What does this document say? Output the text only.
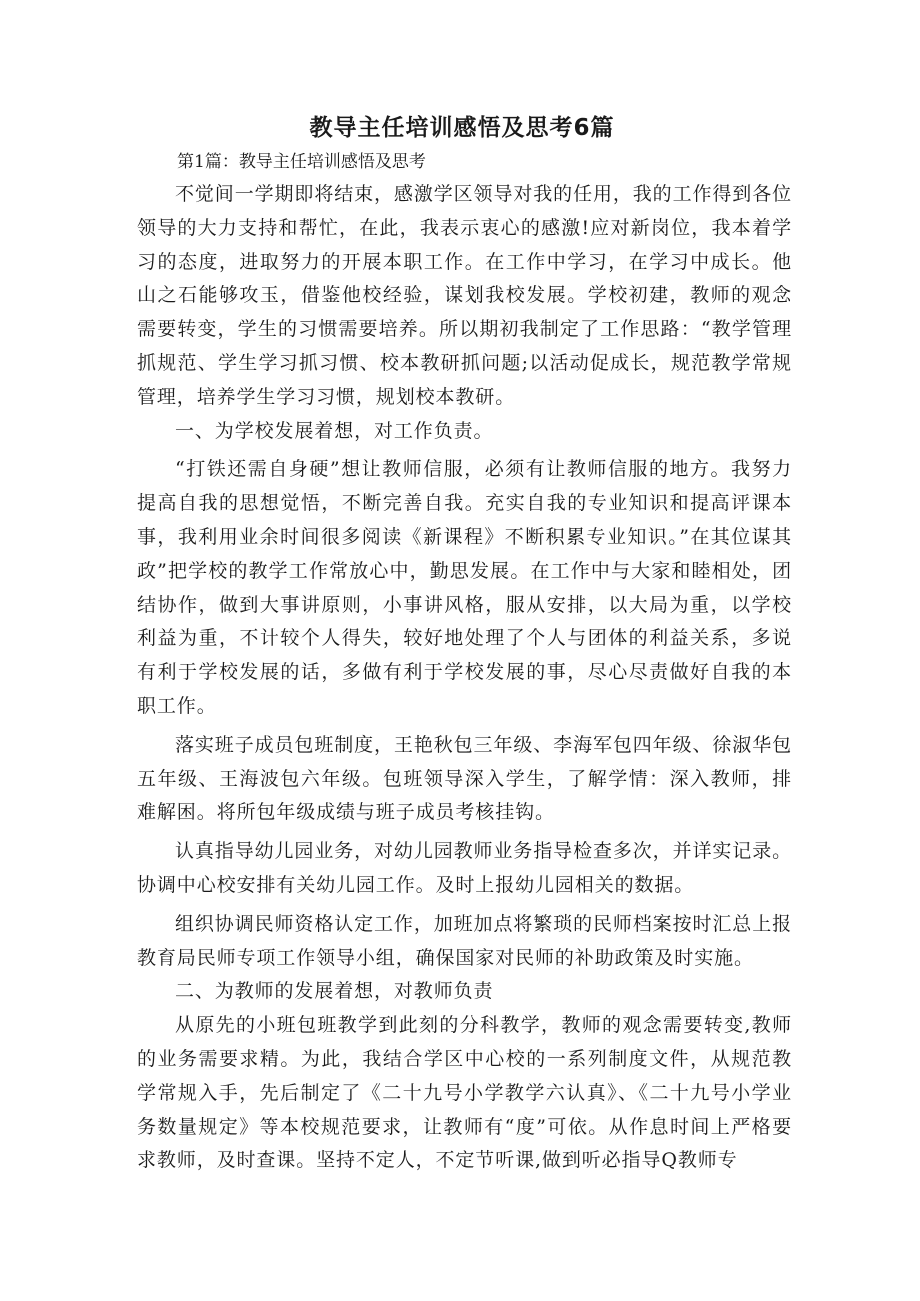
教导主任培训感悟及思考6篇

第1篇：教导主任培训感悟及思考

不觉间一学期即将结束，感激学区领导对我的任用，我的工作得到各位领导的大力支持和帮忙，在此，我表示衷心的感激!应对新岗位，我本着学习的态度，进取努力的开展本职工作。在工作中学习，在学习中成长。他山之石能够攻玉，借鉴他校经验，谋划我校发展。学校初建，教师的观念需要转变，学生的习惯需要培养。所以期初我制定了工作思路：“教学管理抓规范、学生学习抓习惯、校本教研抓问题;以活动促成长，规范教学常规管理，培养学生学习习惯，规划校本教研。

一、为学校发展着想，对工作负责。

“打铁还需自身硬”想让教师信服，必须有让教师信服的地方。我努力提高自我的思想觉悟，不断完善自我。充实自我的专业知识和提高评课本事，我利用业余时间很多阅读《新课程》不断积累专业知识。”在其位谋其政”把学校的教学工作常放心中，勤思发展。在工作中与大家和睦相处，团结协作，做到大事讲原则，小事讲风格，服从安排，以大局为重，以学校利益为重，不计较个人得失，较好地处理了个人与团体的利益关系，多说有利于学校发展的话，多做有利于学校发展的事，尽心尽责做好自我的本职工作。

落实班子成员包班制度，王艳秋包三年级、李海军包四年级、徐淑华包五年级、王海波包六年级。包班领导深入学生，了解学情：深入教师，排难解困。将所包年级成绩与班子成员考核挂钩。

认真指导幼儿园业务，对幼儿园教师业务指导检查多次，并详实记录。协调中心校安排有关幼儿园工作。及时上报幼儿园相关的数据。

组织协调民师资格认定工作，加班加点将繁琐的民师档案按时汇总上报教育局民师专项工作领导小组，确保国家对民师的补助政策及时实施。

二、为教师的发展着想，对教师负责

从原先的小班包班教学到此刻的分科教学，教师的观念需要转变,教师的业务需要求精。为此，我结合学区中心校的一系列制度文件，从规范教学常规入手，先后制定了《二十九号小学教学六认真》、《二十九号小学业务数量规定》等本校规范要求，让教师有“度”可依。从作息时间上严格要求教师，及时查课。坚持不定人，不定节听课,做到听必指导Q教师专
